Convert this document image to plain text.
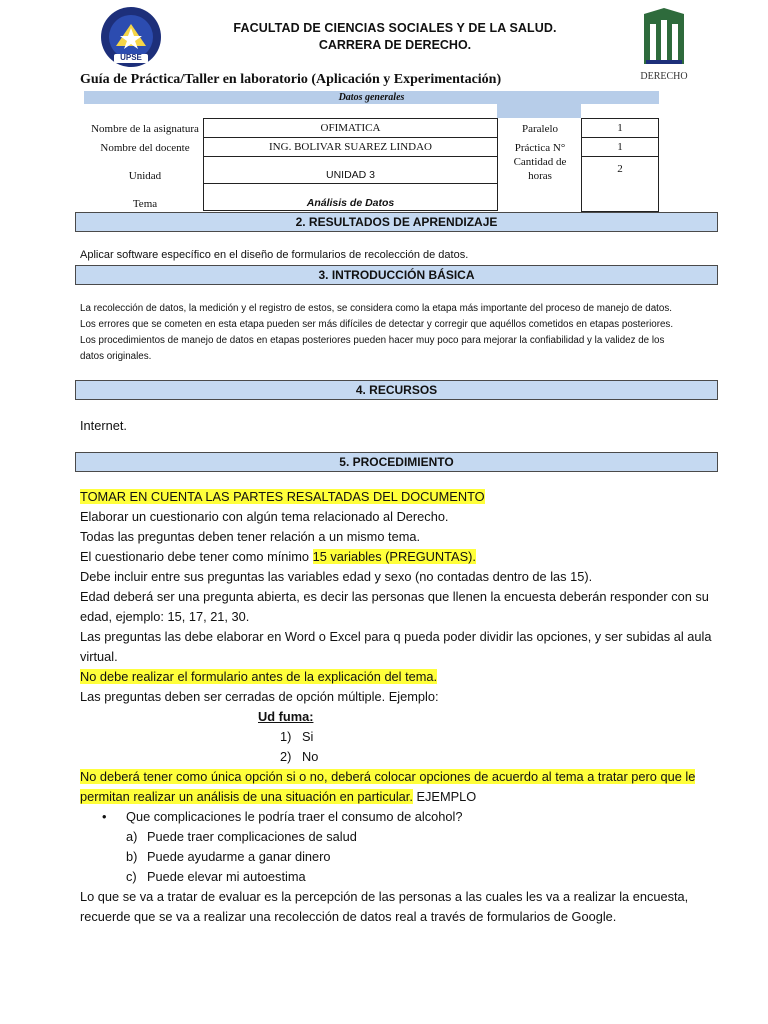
UPSE
DERECHO
FACULTAD DE CIENCIAS SOCIALES Y DE LA SALUD.
CARRERA DE DERECHO.
Guía de Práctica/Taller en laboratorio (Aplicación y Experimentación)
Datos generales
Nombre de la asignatura
Nombre del docente
Unidad
Tema
OFIMATICA
ING. BOLIVAR SUAREZ LINDAO
UNIDAD 3
Análisis de Datos
Paralelo
Práctica N°
Cantidad de
horas
1
1
2
2. RESULTADOS DE APRENDIZAJE
Aplicar software específico en el diseño de formularios de recolección de datos.
3. INTRODUCCIÓN BÁSICA
La recolección de datos, la medición y el registro de estos, se considera como la etapa más importante del proceso de manejo de datos.
Los errores que se cometen en esta etapa pueden ser más difíciles de detectar y corregir que aquéllos cometidos en etapas posteriores.
Los procedimientos de manejo de datos en etapas posteriores pueden hacer muy poco para mejorar la confiabilidad y la validez de los
datos originales.
4. RECURSOS
Internet.
5. PROCEDIMIENTO
TOMAR EN CUENTA LAS PARTES RESALTADAS DEL DOCUMENTO
Elaborar un cuestionario con algún tema relacionado al Derecho.
Todas las preguntas deben tener relación a un mismo tema.
El cuestionario debe tener como mínimo 15 variables (PREGUNTAS).
Debe incluir entre sus preguntas las variables edad y sexo (no contadas dentro de las 15).
Edad deberá ser una pregunta abierta, es decir las personas que llenen la encuesta deberán responder con su
edad, ejemplo: 15, 17, 21, 30.
Las preguntas las debe elaborar en Word o Excel para q pueda poder dividir las opciones, y ser subidas al aula
virtual.
No debe realizar el formulario antes de la explicación del tema.
Las preguntas deben ser cerradas de opción múltiple. Ejemplo:
Ud fuma:
1) Si
2) No
No deberá tener como única opción si o no, deberá colocar opciones de acuerdo al tema a tratar pero que le
permitan realizar un análisis de una situación en particular. EJEMPLO
• Que complicaciones le podría traer el consumo de alcohol?
a) Puede traer complicaciones de salud
b) Puede ayudarme a ganar dinero
c) Puede elevar mi autoestima
Lo que se va a tratar de evaluar es la percepción de las personas a las cuales les va a realizar la encuesta,
recuerde que se va a realizar una recolección de datos real a través de formularios de Google.
